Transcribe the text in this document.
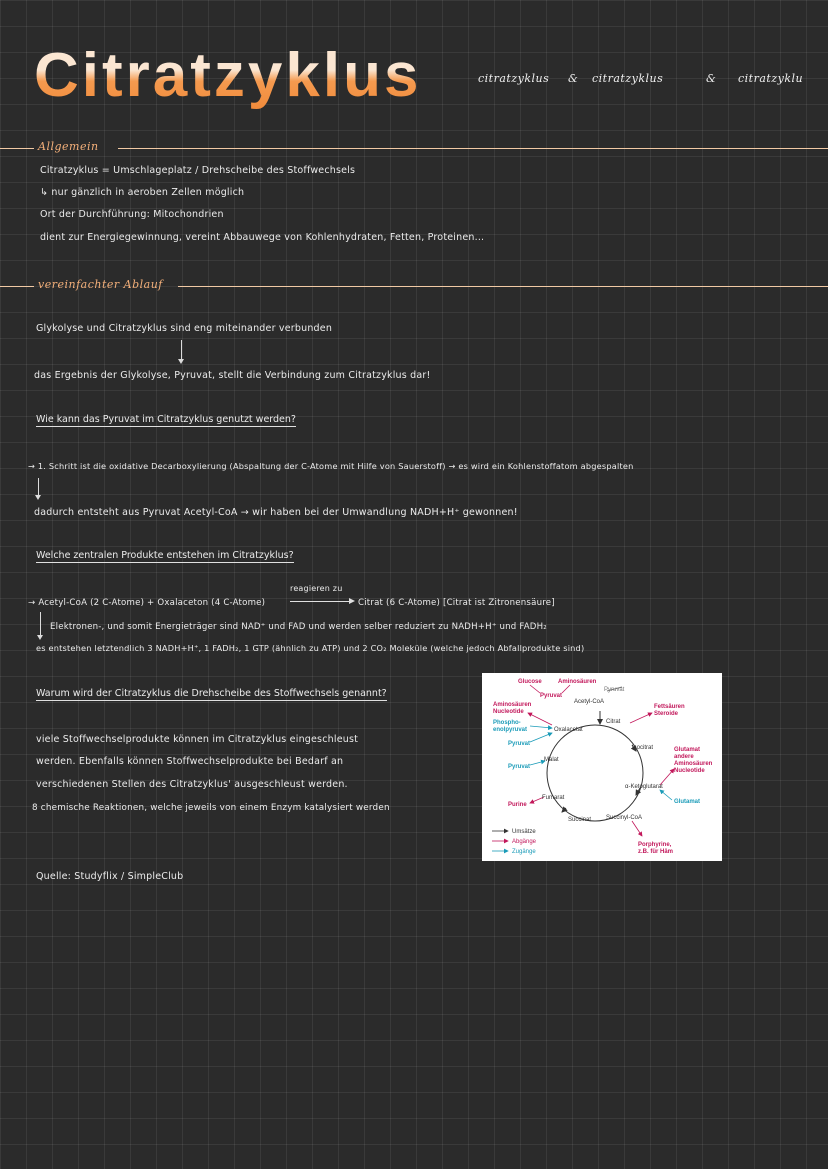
Citratzyklus	citratzyklus & citratzyklus	& citratzyklu
Allgemein
Citratzyklus = Umschlageplatz / Drehscheibe des Stoffwechsels
↳ nur gänzlich in aeroben Zellen möglich
Ort der Durchführung: Mitochondrien
dient zur Energiegewinnung, vereint Abbauwege von Kohlenhydraten, Fetten, Proteinen...
vereinfachter Ablauf
Glykolyse und Citratzyklus sind eng miteinander verbunden
das Ergebnis der Glykolyse, Pyruvat, stellt die Verbindung zum Citratzyklus dar!
Wie kann das Pyruvat im Citratzyklus genutzt werden?
→ 1. Schritt ist die oxidative Decarboxylierung (Abspaltung der C-Atome mit Hilfe von Sauerstoff) → es wird ein Kohlenstoffatom abgespalten
dadurch entsteht aus Pyruvat Acetyl-CoA → wir haben bei der Umwandlung NADH+H⁺ gewonnen!
Welche zentralen Produkte entstehen im Citratzyklus?
→ Acetyl-CoA (2 C-Atome) + Oxalaceton (4 C-Atome)
reagieren zu
Citrat (6 C-Atome) [Citrat ist Zitronensäure]
Elektronen-, und somit Energieträger sind NAD⁺ und FAD und werden selber reduziert zu NADH+H⁺ und FADH₂
es entstehen letztendlich 3 NADH+H⁺, 1 FADH₂, 1 GTP (ähnlich zu ATP) und 2 CO₂ Moleküle (welche jedoch Abfallprodukte sind)
Warum wird der Citratzyklus die Drehscheibe des Stoffwechsels genannt?
viele Stoffwechselprodukte können im Citratzyklus eingeschleust
werden. Ebenfalls können Stoffwechselprodukte bei Bedarf an
verschiedenen Stellen des Citratzyklus' ausgeschleust werden.
8 chemische Reaktionen, welche jeweils von einem Enzym katalysiert werden
Quelle: Studyflix / SimpleClub
Glucose	Aminosäuren
Pyruvat
Pyruvat
Acetyl-CoA
Aminosäuren
Nucleotide
Phospho-
enolpyruvat
Pyruvat
Pyruvat
Purine
Fettsäuren
Steroide
Glutamat
andere
Aminosäuren
Nucleotide
Glutamat
Porphyrine,
z.B. für Häm
Citrat
Isocitrat
α-Ketoglutarat
Succinyl-CoA
Succinat
Fumarat
Malat
Oxalacetat
Umsätze
Abgänge
Zugänge
